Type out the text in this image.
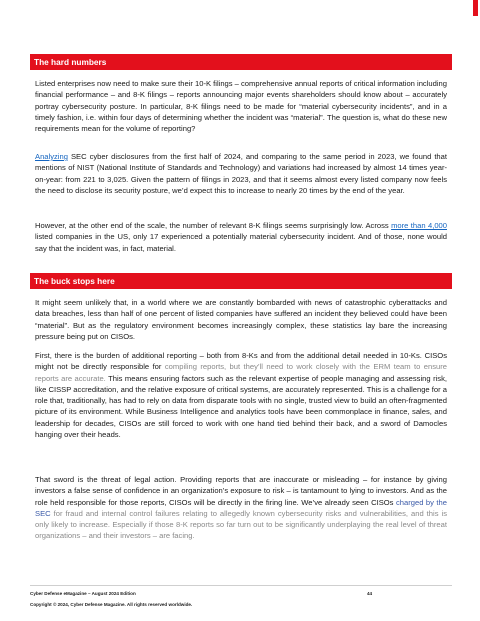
The hard numbers

Listed enterprises now need to make sure their 10-K filings – comprehensive annual reports of critical information including financial performance – and 8-K filings – reports announcing major events shareholders should know about – accurately portray cybersecurity posture. In particular, 8-K filings need to be made for “material cybersecurity incidents”, and in a timely fashion, i.e. within four days of determining whether the incident was “material”. The question is, what do these new requirements mean for the volume of reporting?

Analyzing SEC cyber disclosures from the first half of 2024, and comparing to the same period in 2023, we found that mentions of NIST (National Institute of Standards and Technology) and variations had increased by almost 14 times year-on-year: from 221 to 3,025. Given the pattern of filings in 2023, and that it seems almost every listed company now feels the need to disclose its security posture, we’d expect this to increase to nearly 20 times by the end of the year.

However, at the other end of the scale, the number of relevant 8-K filings seems surprisingly low. Across more than 4,000 listed companies in the US, only 17 experienced a potentially material cybersecurity incident. And of those, none would say that the incident was, in fact, material.

The buck stops here

It might seem unlikely that, in a world where we are constantly bombarded with news of catastrophic cyberattacks and data breaches, less than half of one percent of listed companies have suffered an incident they believed could have been “material”. But as the regulatory environment becomes increasingly complex, these statistics lay bare the increasing pressure being put on CISOs.

First, there is the burden of additional reporting – both from 8-Ks and from the additional detail needed in 10-Ks. CISOs might not be directly responsible for compiling reports, but they’ll need to work closely with the ERM team to ensure reports are accurate. This means ensuring factors such as the relevant expertise of people managing and assessing risk, like CISSP accreditation, and the relative exposure of critical systems, are accurately represented. This is a challenge for a role that, traditionally, has had to rely on data from disparate tools with no single, trusted view to build an often-fragmented picture of its environment. While Business Intelligence and analytics tools have been commonplace in finance, sales, and leadership for decades, CISOs are still forced to work with one hand tied behind their back, and a sword of Damocles hanging over their heads.

That sword is the threat of legal action. Providing reports that are inaccurate or misleading – for instance by giving investors a false sense of confidence in an organization’s exposure to risk – is tantamount to lying to investors. And as the role held responsible for those reports, CISOs will be directly in the firing line. We’ve already seen CISOs charged by the SEC for fraud and internal control failures relating to allegedly known cybersecurity risks and vulnerabilities, and this is only likely to increase. Especially if those 8-K reports so far turn out to be significantly underplaying the real level of threat organizations – and their investors – are facing.

Cyber Defense eMagazine – August 2024 Edition	44
Copyright © 2024, Cyber Defense Magazine. All rights reserved worldwide.
